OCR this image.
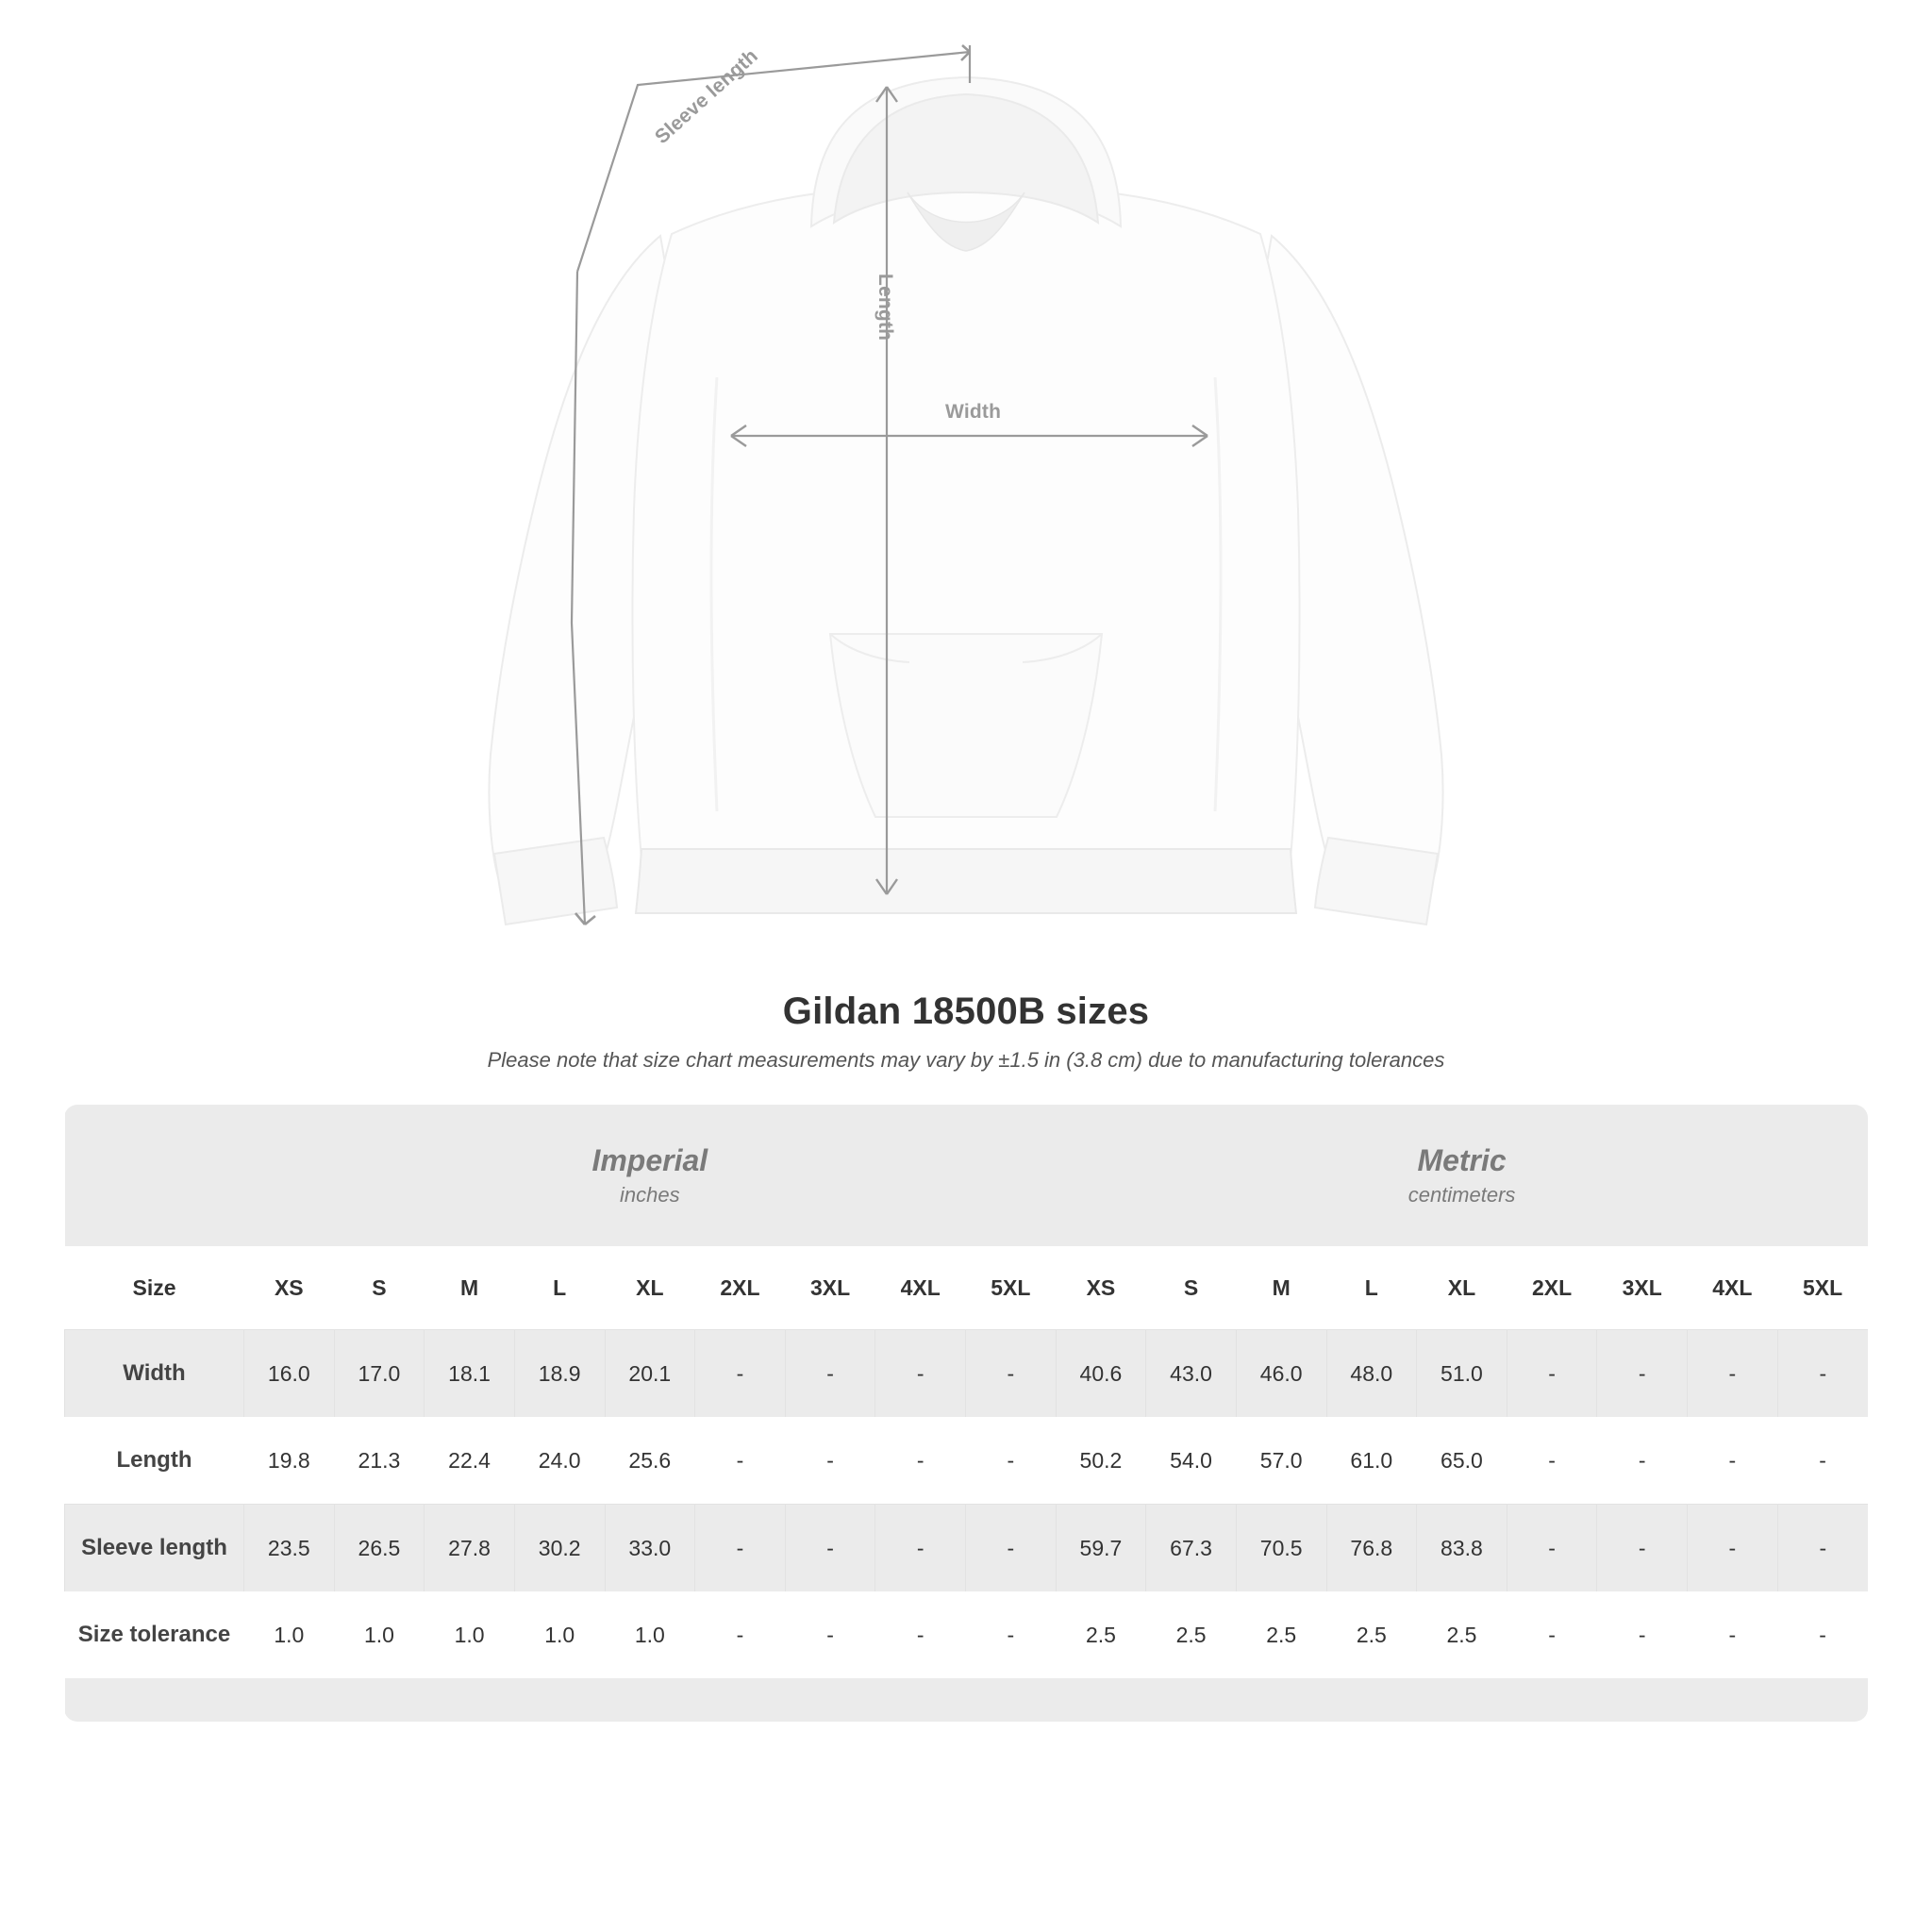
Sleeve length
Length
Width
Gildan 18500B sizes

Please note that size chart measurements may vary by ±1.5 in (3.8 cm) due to manufacturing tolerances

	Imperial
inches									Metric
centimeters								

Size	XS	S	M	L	XL	2XL	3XL	4XL	5XL	XS	S	M	L	XL	2XL	3XL	4XL	5XL
Width	16.0	17.0	18.1	18.9	20.1	-	-	-	-	40.6	43.0	46.0	48.0	51.0	-	-	-	-
Length	19.8	21.3	22.4	24.0	25.6	-	-	-	-	50.2	54.0	57.0	61.0	65.0	-	-	-	-
Sleeve length	23.5	26.5	27.8	30.2	33.0	-	-	-	-	59.7	67.3	70.5	76.8	83.8	-	-	-	-
Size tolerance	1.0	1.0	1.0	1.0	1.0	-	-	-	-	2.5	2.5	2.5	2.5	2.5	-	-	-	-
